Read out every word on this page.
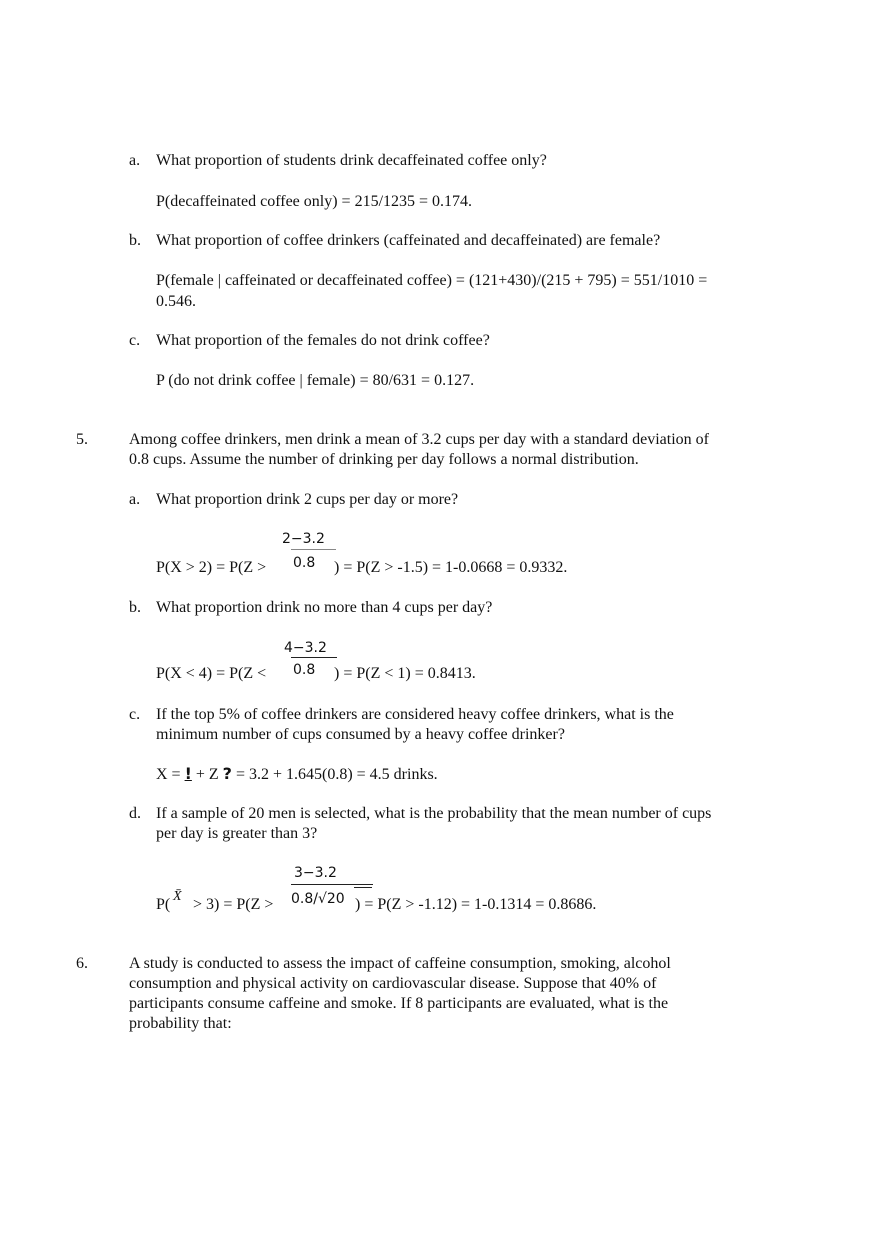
a. What proportion of students drink decaffeinated coffee only?
P(decaffeinated coffee only) = 215/1235 = 0.174.
b. What proportion of coffee drinkers (caffeinated and decaffeinated) are female?
P(female | caffeinated or decaffeinated coffee) = (121+430)/(215 + 795) = 551/1010 =
0.546.
c. What proportion of the females do not drink coffee?
P (do not drink coffee | female) = 80/631 = 0.127.
5.	Among coffee drinkers, men drink a mean of 3.2 cups per day with a standard deviation of
0.8 cups. Assume the number of drinking per day follows a normal distribution.
a. What proportion drink 2 cups per day or more?
2−3.2
P(X > 2) = P(Z > 0.8 ) = P(Z > -1.5) = 1-0.0668 = 0.9332.
b. What proportion drink no more than 4 cups per day?
4−3.2
P(X < 4) = P(Z < 0.8 ) = P(Z < 1) = 0.8413.
c. If the top 5% of coffee drinkers are considered heavy coffee drinkers, what is the
minimum number of cups consumed by a heavy coffee drinker?
X = ! + Z ? = 3.2 + 1.645(0.8) = 4.5 drinks.
d. If a sample of 20 men is selected, what is the probability that the mean number of cups
per day is greater than 3?
3−3.2
P( X̄ > 3) = P(Z > 0.8/√20 ) = P(Z > -1.12) = 1-0.1314 = 0.8686.
6.	A study is conducted to assess the impact of caffeine consumption, smoking, alcohol
consumption and physical activity on cardiovascular disease. Suppose that 40% of
participants consume caffeine and smoke. If 8 participants are evaluated, what is the
probability that:
